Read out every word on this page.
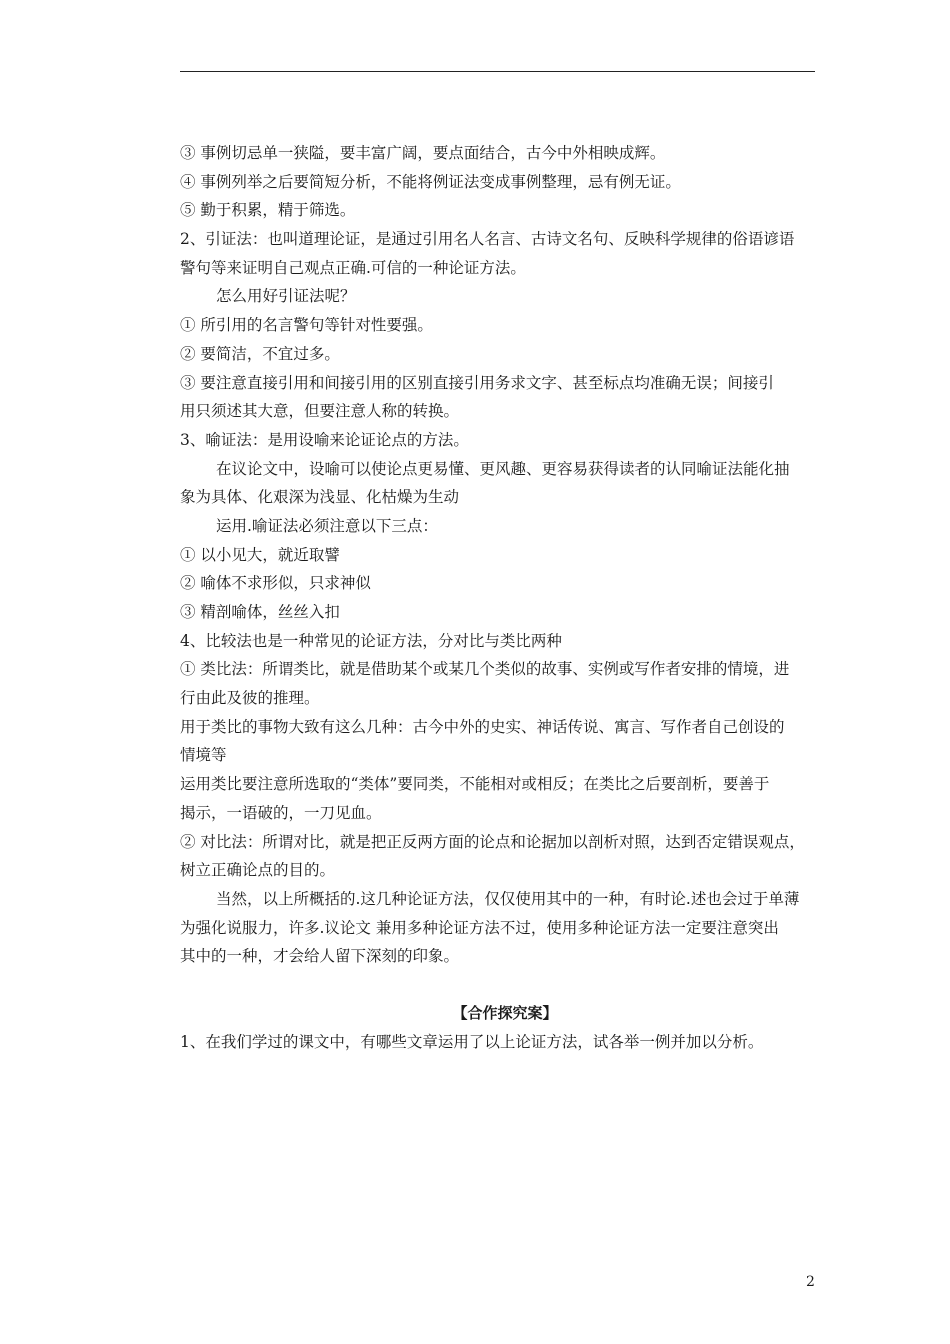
③ 事例切忌单一狭隘，要丰富广阔，要点面结合，古今中外相映成辉。
④ 事例列举之后要简短分析，不能将例证法变成事例整理，忌有例无证。
⑤ 勤于积累，精于筛选。
2、引证法：也叫道理论证，是通过引用名人名言、古诗文名句、反映科学规律的俗语谚语
警句等来证明自己观点正确.可信的一种论证方法。
怎么用好引证法呢？
① 所引用的名言警句等针对性要强。
② 要简洁，不宜过多。
③ 要注意直接引用和间接引用的区别直接引用务求文字、甚至标点均准确无误；间接引
用只须述其大意，但要注意人称的转换。
3、喻证法：是用设喻来论证论点的方法。
在议论文中，设喻可以使论点更易懂、更风趣、更容易获得读者的认同喻证法能化抽
象为具体、化艰深为浅显、化枯燥为生动
运用.喻证法必须注意以下三点：
① 以小见大，就近取譬
② 喻体不求形似，只求神似
③ 精剖喻体，丝丝入扣
4、比较法也是一种常见的论证方法，分对比与类比两种
① 类比法：所谓类比，就是借助某个或某几个类似的故事、实例或写作者安排的情境，进
行由此及彼的推理。
用于类比的事物大致有这么几种：古今中外的史实、神话传说、寓言、写作者自己创设的
情境等
运用类比要注意所选取的“类体”要同类，不能相对或相反；在类比之后要剖析，要善于
揭示，一语破的，一刀见血。
② 对比法：所谓对比，就是把正反两方面的论点和论据加以剖析对照，达到否定错误观点，
树立正确论点的目的。
当然，以上所概括的.这几种论证方法，仅仅使用其中的一种，有时论.述也会过于单薄
为强化说服力，许多.议论文 兼用多种论证方法不过，使用多种论证方法一定要注意突出
其中的一种，才会给人留下深刻的印象。
【合作探究案】
1、在我们学过的课文中，有哪些文章运用了以上论证方法，试各举一例并加以分析。
2
